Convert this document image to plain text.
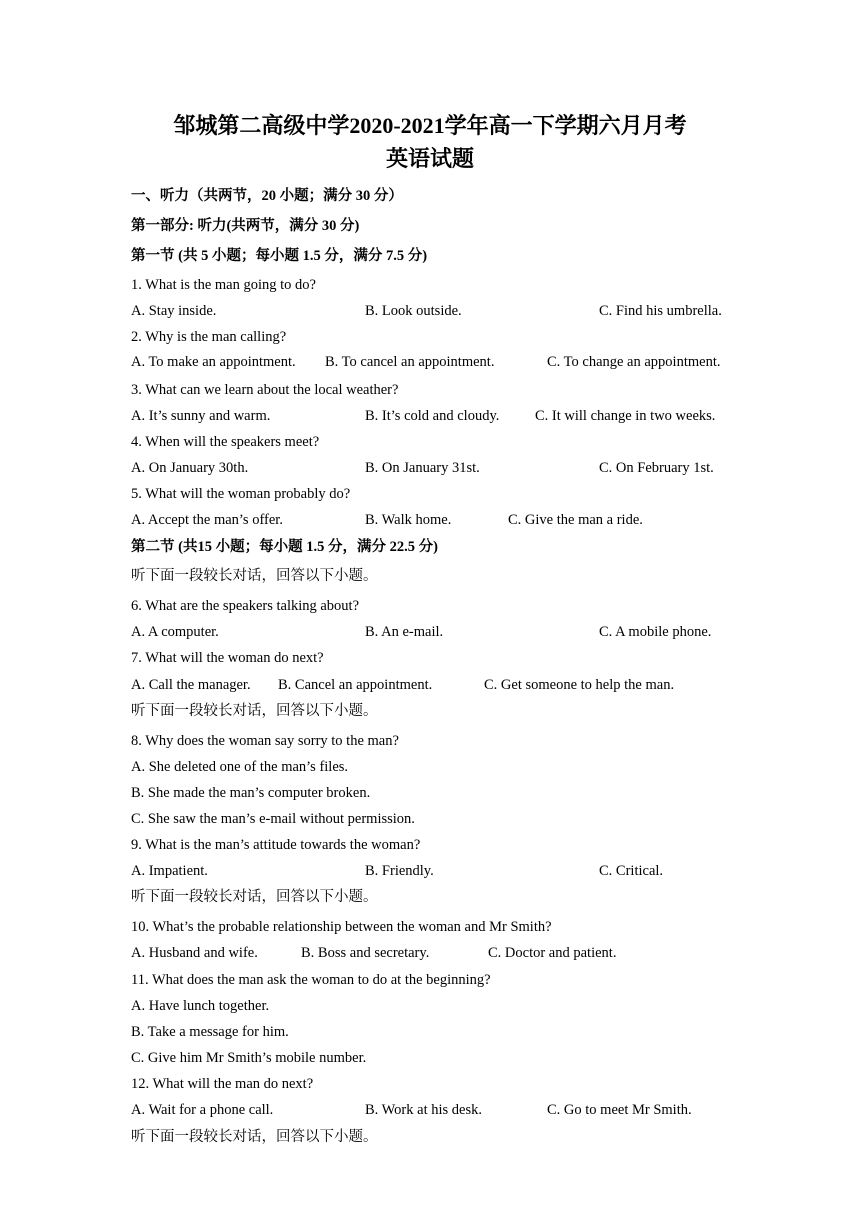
邹城第二高级中学2020-2021学年高一下学期六月月考
英语试题
一、听力（共两节，20 小题；满分 30 分）
第一部分: 听力(共两节，满分 30 分)
第一节 (共 5 小题；每小题 1.5 分，满分 7.5 分)
1. What is the man going to do?
A. Stay inside.	B. Look outside.	C. Find his umbrella.
2. Why is the man calling?
A. To make an appointment. B. To cancel an appointment.	C. To change an appointment.
3. What can we learn about the local weather?
A. It’s sunny and warm.	B. It’s cold and cloudy. C. It will change in two weeks.
4. When will the speakers meet?
A. On January 30th.	B. On January 31st.	C. On February 1st.
5. What will the woman probably do?
A. Accept the man’s offer.	B. Walk home.	C. Give the man a ride.
第二节 (共15 小题；每小题 1.5 分，满分 22.5 分)
听下面一段较长对话，回答以下小题。
6. What are the speakers talking about?
A. A computer.	B. An e-mail.	C. A mobile phone.
7. What will the woman do next?
A. Call the manager. B. Cancel an appointment.	C. Get someone to help the man.
听下面一段较长对话，回答以下小题。
8. Why does the woman say sorry to the man?
A. She deleted one of the man’s files.
B. She made the man’s computer broken.
C. She saw the man’s e-mail without permission.
9. What is the man’s attitude towards the woman?
A. Impatient.	B. Friendly.	C. Critical.
听下面一段较长对话，回答以下小题。
10. What’s the probable relationship between the woman and Mr Smith?
A. Husband and wife.	B. Boss and secretary.	C. Doctor and patient.
11. What does the man ask the woman to do at the beginning?
A. Have lunch together.
B. Take a message for him.
C. Give him Mr Smith’s mobile number.
12. What will the man do next?
A. Wait for a phone call.	B. Work at his desk.	C. Go to meet Mr Smith.
听下面一段较长对话，回答以下小题。
